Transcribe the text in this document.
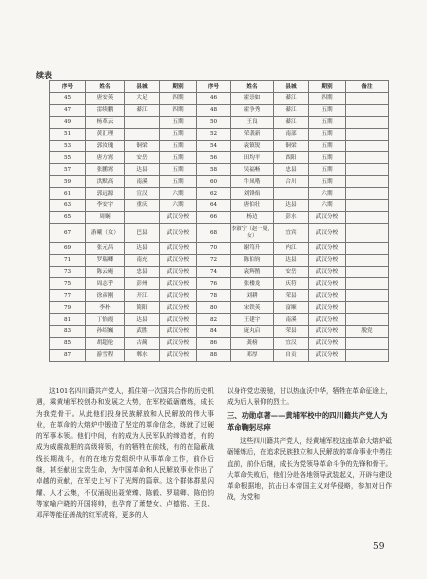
续表
序号	姓名	县城	期别	序号	姓名	县城	期别	备注
45	唐安英	大足	四期	46	霍崇如	綦江	四期	
47	雷续鹏	綦江	四期	48	霍争秀	綦江	五期	
49	杨革云		五期	50	王良	綦江	五期	
51	黄汇理		五期	52	荣袭新	南部	五期	
53	郭汝瑰	铜梁	五期	54	袁镇锐	铜梁	五期	
55	唐方霄	安岳	五期	56	田均平	酉阳	五期	
57	张鹏霄	达县	五期	58	吴福畅	忠县	五期	
59	洪默高	南溪	五期	60	牛凤喈	合川	五期	
61	郭远源	宣汉	六期	62	刘锋焰		六期	
63	李安宇	重庆	六期	64	唐伯壮	达县	六期	
65	周娴		武汉分校	66	杨边	彭水	武汉分校	
67	游曦（女）	巴县	武汉分校	68	李淑宁（赵一曼，女）	宜宾	武汉分校	
69	张元昌	达县	武汉分校	70	谢笃升	内江	武汉分校	
71	罗瑞卿	南充	武汉分校	72	陈伯钧	达县	武汉分校	
73	陈云庵	忠县	武汉分校	74	袁辉鹊	安岳	武汉分校	
75	周志乎	彭州	武汉分校	76	张楼龙	庆符	武汉分校	
77	徐彦刚	开江	武汉分校	78	刘耕	荣县	武汉分校	
79	李朴	简阳	武汉分校	80	宋铁英	富顺	武汉分校	
81	丁怡霞	达县	武汉分校	82	王建宇	南溪	武汉分校	
83	孙绍巍	武胜	武汉分校	84	庞丸启	荣县	武汉分校	脱党
85	胡超伦	古蔺	武汉分校	86	龚榜	宜汉	武汉分校	
87	游雪程	郫水	武汉分校	88	邓厚	自贡	武汉分校	

这101名四川籍共产党人，抓住第一次国共合作的历史机遇，乘黄埔军校创办和发展之大势，在军校砥砺磨炼，成长为我党骨干。从此他们投身民族解放和人民解放的伟大事业，在革命的大熔炉中锻造了坚定的革命信念，练就了过硬的军事本领。他们中间，有的成为人民军队的缔造者，有的成为威震敌胆的高级将领，有的牺牲在前线，有的在隐蔽战线长期战斗，有的在地方党组织中从事革命工作，前仆后继，甚至献出宝贵生命，为中国革命和人民解放事业作出了卓越的贡献，在军史上写下了光辉的篇章。这个群体群星闪耀、人才云集，不仅涌现出聂荣臻、陈毅、罗瑞卿、陈伯钧等家喻户晓的开国将帅，也孕育了萧楚女、卢德铭、王良、邓萍等能征善战的红军虎将，更多的人

以身许党忠骏驰，甘以热血沃中华，牺牲在革命征途上，成为后人景仰的烈士。

三、功勋卓著——黄埔军校中的四川籍共产党人为革命鞠躬尽瘁

这些四川籍共产党人，经黄埔军校这座革命大熔炉砥砺锤炼后，在追求民族独立和人民解放的革命事业中勇往直前，前仆后继，成长为党领导革命斗争的先锋和骨干。大革命失败后，他们分赴各地领导武装起义，开辟与建设革命根据地，抗击日本帝国主义对华侵略，参加对日作战，为党和

59
